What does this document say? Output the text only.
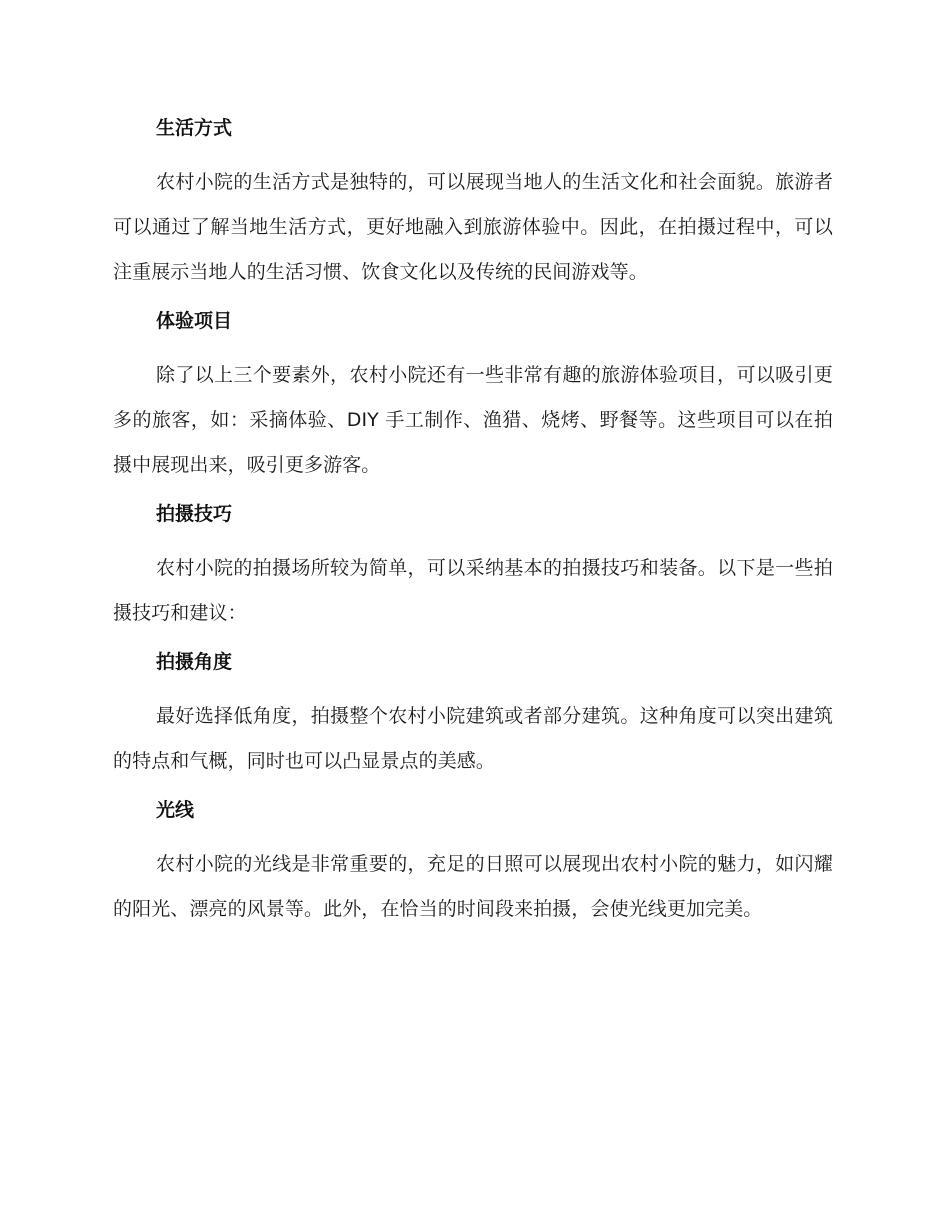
生活方式

农村小院的生活方式是独特的，可以展现当地人的生活文化和社会面貌。旅游者可以通过了解当地生活方式，更好地融入到旅游体验中。因此，在拍摄过程中，可以注重展示当地人的生活习惯、饮食文化以及传统的民间游戏等。

体验项目

除了以上三个要素外，农村小院还有一些非常有趣的旅游体验项目，可以吸引更多的旅客，如：采摘体验、DIY 手工制作、渔猎、烧烤、野餐等。这些项目可以在拍摄中展现出来，吸引更多游客。

拍摄技巧

农村小院的拍摄场所较为简单，可以采纳基本的拍摄技巧和装备。以下是一些拍摄技巧和建议：

拍摄角度

最好选择低角度，拍摄整个农村小院建筑或者部分建筑。这种角度可以突出建筑的特点和气概，同时也可以凸显景点的美感。

光线

农村小院的光线是非常重要的，充足的日照可以展现出农村小院的魅力，如闪耀的阳光、漂亮的风景等。此外，在恰当的时间段来拍摄，会使光线更加完美。
